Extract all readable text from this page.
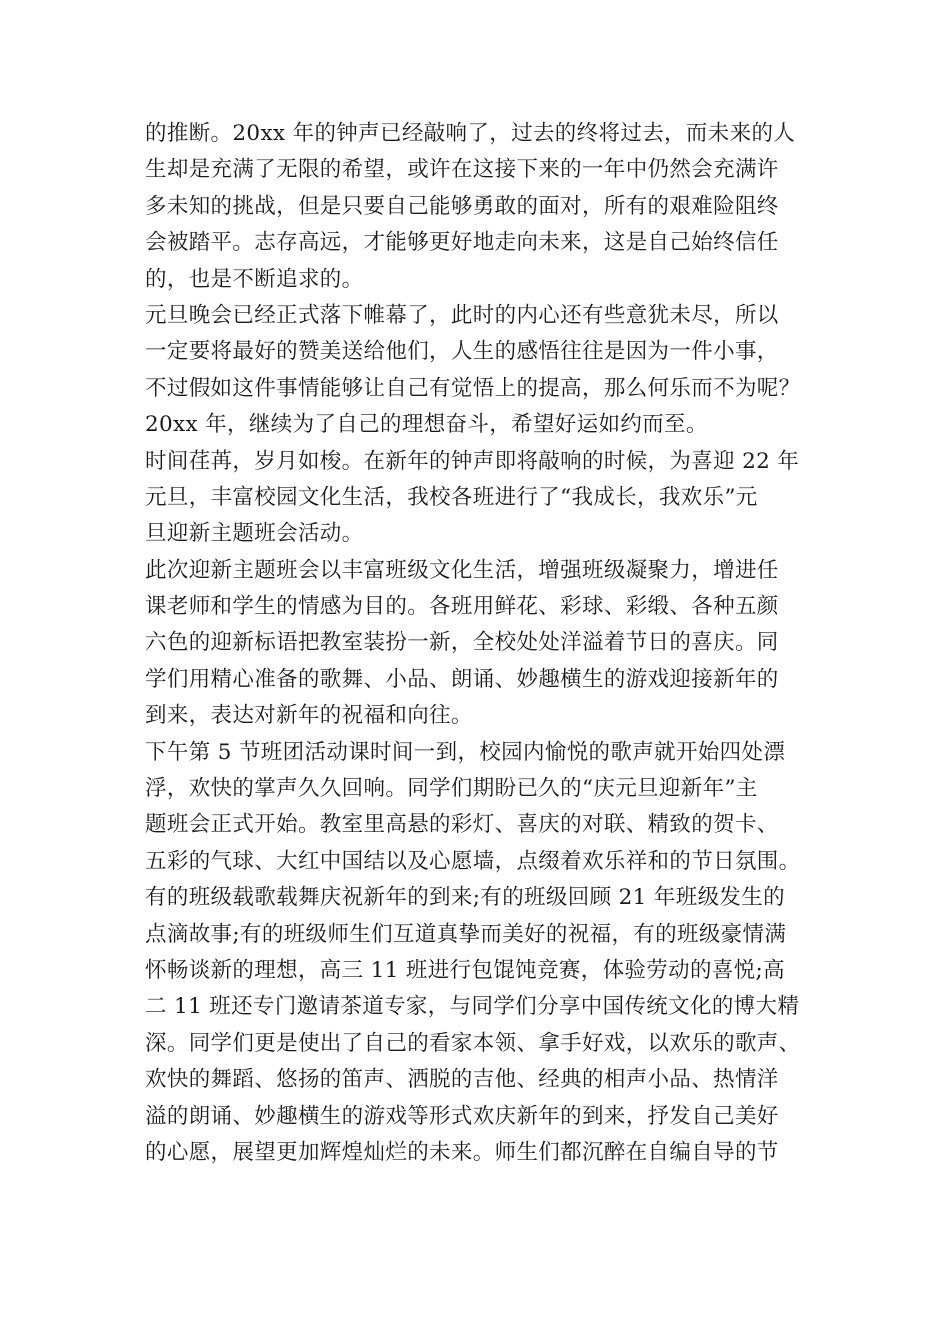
的推断。20xx 年的钟声已经敲响了，过去的终将过去，而未来的人
生却是充满了无限的希望，或许在这接下来的一年中仍然会充满许
多未知的挑战，但是只要自己能够勇敢的面对，所有的艰难险阻终
会被踏平。志存高远，才能够更好地走向未来，这是自己始终信任
的，也是不断追求的。
元旦晚会已经正式落下帷幕了，此时的内心还有些意犹未尽，所以
一定要将最好的赞美送给他们，人生的感悟往往是因为一件小事，
不过假如这件事情能够让自己有觉悟上的提高，那么何乐而不为呢？
20xx 年，继续为了自己的理想奋斗，希望好运如约而至。
时间荏苒，岁月如梭。在新年的钟声即将敲响的时候，为喜迎 22 年
元旦，丰富校园文化生活，我校各班进行了“我成长，我欢乐”元
旦迎新主题班会活动。
此次迎新主题班会以丰富班级文化生活，增强班级凝聚力，增进任
课老师和学生的情感为目的。各班用鲜花、彩球、彩缎、各种五颜
六色的迎新标语把教室装扮一新，全校处处洋溢着节日的喜庆。同
学们用精心准备的歌舞、小品、朗诵、妙趣横生的游戏迎接新年的
到来，表达对新年的祝福和向往。
下午第 5 节班团活动课时间一到，校园内愉悦的歌声就开始四处漂
浮，欢快的掌声久久回响。同学们期盼已久的“庆元旦迎新年”主
题班会正式开始。教室里高悬的彩灯、喜庆的对联、精致的贺卡、
五彩的气球、大红中国结以及心愿墙，点缀着欢乐祥和的节日氛围。
有的班级载歌载舞庆祝新年的到来;有的班级回顾 21 年班级发生的
点滴故事;有的班级师生们互道真挚而美好的祝福，有的班级豪情满
怀畅谈新的理想，高三 11 班进行包馄饨竞赛，体验劳动的喜悦;高
二 11 班还专门邀请茶道专家，与同学们分享中国传统文化的博大精
深。同学们更是使出了自己的看家本领、拿手好戏，以欢乐的歌声、
欢快的舞蹈、悠扬的笛声、洒脱的吉他、经典的相声小品、热情洋
溢的朗诵、妙趣横生的游戏等形式欢庆新年的到来，抒发自己美好
的心愿，展望更加辉煌灿烂的未来。师生们都沉醉在自编自导的节
